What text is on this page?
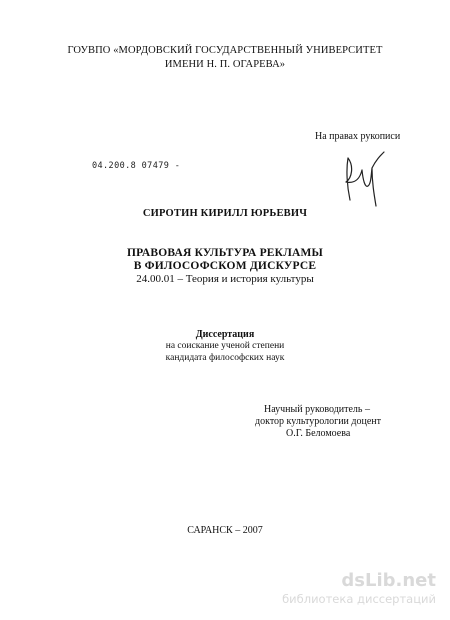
ГОУВПО «МОРДОВСКИЙ ГОСУДАРСТВЕННЫЙ УНИВЕРСИТЕТ
ИМЕНИ Н. П. ОГАРЕВА»
На правах рукописи
04.200.8 07479 -
СИРОТИН КИРИЛЛ ЮРЬЕВИЧ
ПРАВОВАЯ КУЛЬТУРА РЕКЛАМЫ
В ФИЛОСОФСКОМ ДИСКУРСЕ
24.00.01 – Теория и история культуры
Диссертация
на соискание ученой степени
кандидата философских наук
Научный руководитель –
доктор культурологии доцент
О.Г. Беломоева
САРАНСК – 2007
dsLib.net
библиотека диссертаций
